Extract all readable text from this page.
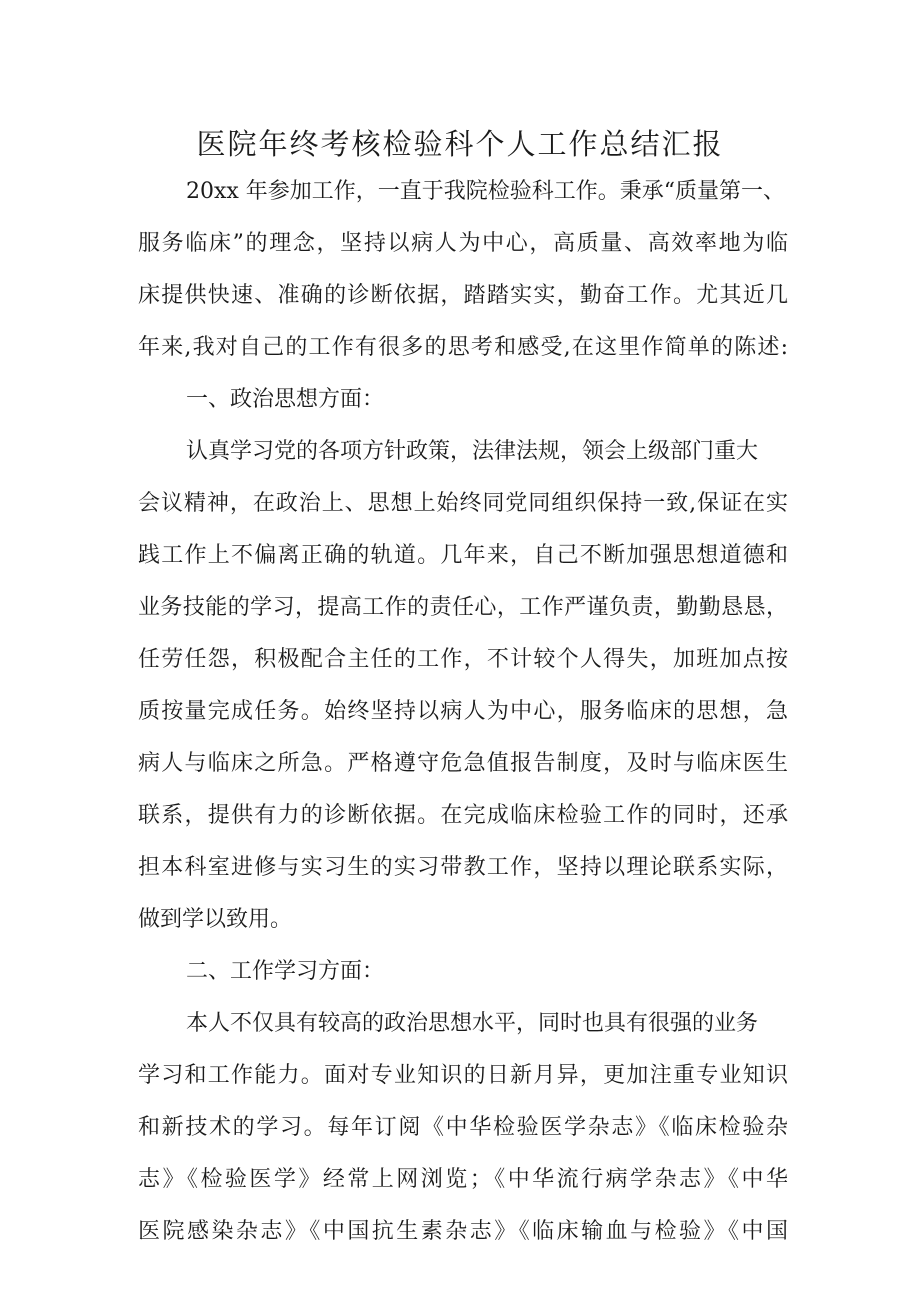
医院年终考核检验科个人工作总结汇报
20xx 年参加工作，一直于我院检验科工作。秉承“质量第一、
服务临床”的理念，坚持以病人为中心，高质量、高效率地为临
床提供快速、准确的诊断依据，踏踏实实，勤奋工作。尤其近几
年来,我对自己的工作有很多的思考和感受,在这里作简单的陈述:
一、政治思想方面：
认真学习党的各项方针政策，法律法规，领会上级部门重大
会议精神，在政治上、思想上始终同党同组织保持一致,保证在实
践工作上不偏离正确的轨道。几年来，自己不断加强思想道德和
业务技能的学习，提高工作的责任心，工作严谨负责，勤勤恳恳，
任劳任怨，积极配合主任的工作，不计较个人得失，加班加点按
质按量完成任务。始终坚持以病人为中心，服务临床的思想，急
病人与临床之所急。严格遵守危急值报告制度，及时与临床医生
联系，提供有力的诊断依据。在完成临床检验工作的同时，还承
担本科室进修与实习生的实习带教工作，坚持以理论联系实际，
做到学以致用。
二、工作学习方面：
本人不仅具有较高的政治思想水平，同时也具有很强的业务
学习和工作能力。面对专业知识的日新月异，更加注重专业知识
和新技术的学习。每年订阅《中华检验医学杂志》《临床检验杂
志》《检验医学》经常上网浏览；《中华流行病学杂志》《中华
医院感染杂志》《中国抗生素杂志》《临床输血与检验》《中国
